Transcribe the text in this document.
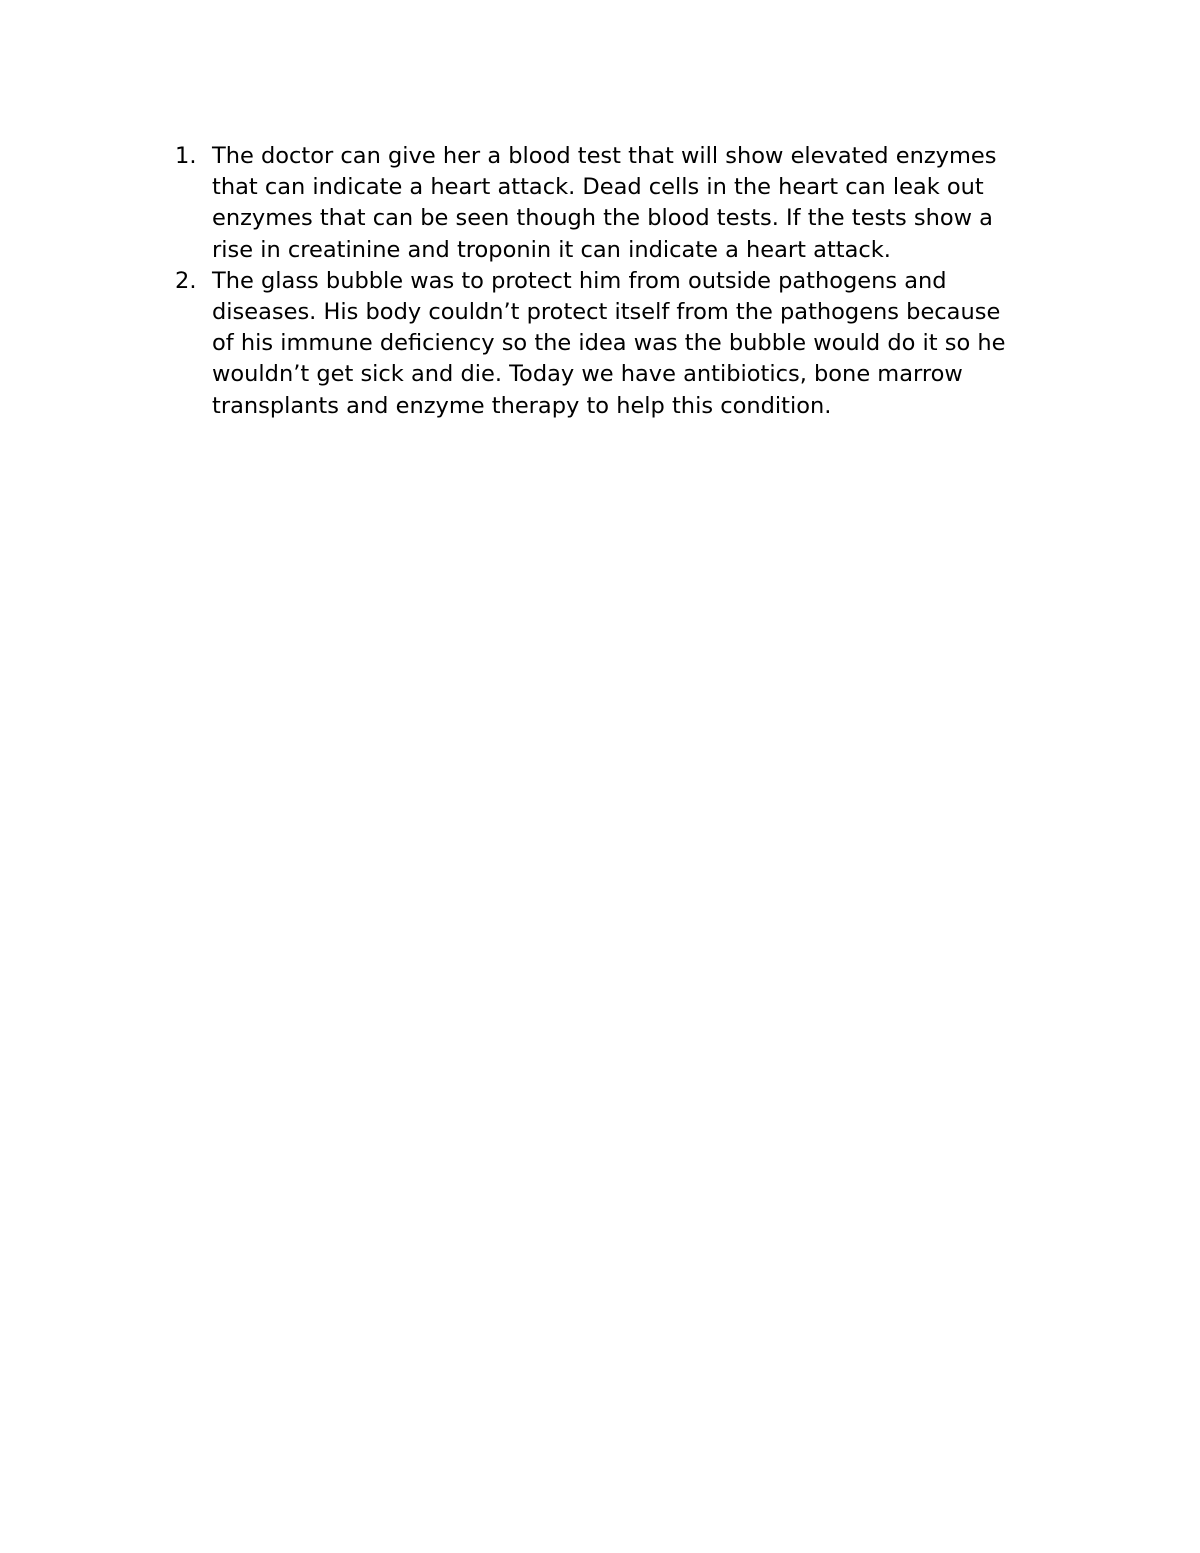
1. The doctor can give her a blood test that will show elevated enzymes
that can indicate a heart attack. Dead cells in the heart can leak out
enzymes that can be seen though the blood tests. If the tests show a
rise in creatinine and troponin it can indicate a heart attack.
2. The glass bubble was to protect him from outside pathogens and
diseases. His body couldn’t protect itself from the pathogens because
of his immune deficiency so the idea was the bubble would do it so he
wouldn’t get sick and die. Today we have antibiotics, bone marrow
transplants and enzyme therapy to help this condition.
